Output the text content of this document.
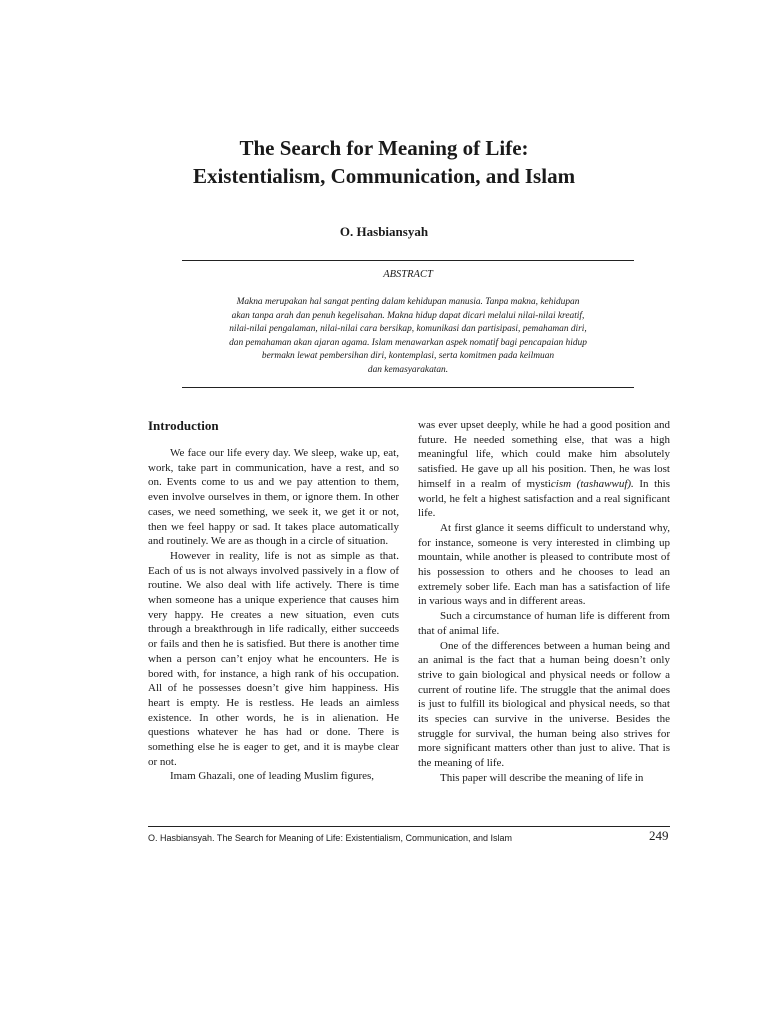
The Search for Meaning of Life:
Existentialism, Communication, and Islam
O. Hasbiansyah
ABSTRACT
Makna merupakan hal sangat penting dalam kehidupan manusia. Tanpa makna, kehidupan
akan tanpa arah dan penuh kegelisahan. Makna hidup dapat dicari melalui nilai-nilai kreatif,
nilai-nilai pengalaman, nilai-nilai cara bersikap, komunikasi dan partisipasi, pemahaman diri,
dan pemahaman akan ajaran agama. Islam menawarkan aspek nomatif bagi pencapaian hidup
bermakn lewat pembersihan diri, kontemplasi, serta komitmen pada keilmuan
dan kemasyarakatan.
Introduction

We face our life every day. We sleep, wake up, eat, work, take part in communication, have a rest, and so on. Events come to us and we pay attention to them, even involve ourselves in them, or ignore them. In other cases, we need something, we seek it, we get it or not, then we feel happy or sad. It takes place automatically and routinely. We are as though in a circle of situation.

However in reality, life is not as simple as that. Each of us is not always involved passively in a flow of routine. We also deal with life actively. There is time when someone has a unique experience that causes him very happy. He creates a new situation, even cuts through a breakthrough in life radically, either succeeds or fails and then he is satisfied. But there is another time when a person can’t enjoy what he encounters. He is bored with, for instance, a high rank of his occupation. All of he possesses doesn’t give him happiness. His heart is empty. He is restless. He leads an aimless existence. In other words, he is in alienation. He questions whatever he has had or done. There is something else he is eager to get, and it is maybe clear or not.

Imam Ghazali, one of leading Muslim figures,

was ever upset deeply, while he had a good position and future. He needed something else, that was a high meaningful life, which could make him absolutely satisfied. He gave up all his position. Then, he was lost himself in a realm of mysticism (tashawwuf). In this world, he felt a highest satisfaction and a real significant life.

At first glance it seems difficult to understand why, for instance, someone is very interested in climbing up mountain, while another is pleased to contribute most of his possession to others and he chooses to lead an extremely sober life. Each man has a satisfaction of life in various ways and in different areas.

Such a circumstance of human life is different from that of animal life.

One of the differences between a human being and an animal is the fact that a human being doesn’t only strive to gain biological and physical needs or follow a current of routine life. The struggle that the animal does is just to fulfill its biological and physical needs, so that its species can survive in the universe. Besides the struggle for survival, the human being also strives for more significant matters other than just to alive. That is the meaning of life.

This paper will describe the meaning of life in

O. Hasbiansyah. The Search for Meaning of Life: Existentialism, Communication, and Islam	249
